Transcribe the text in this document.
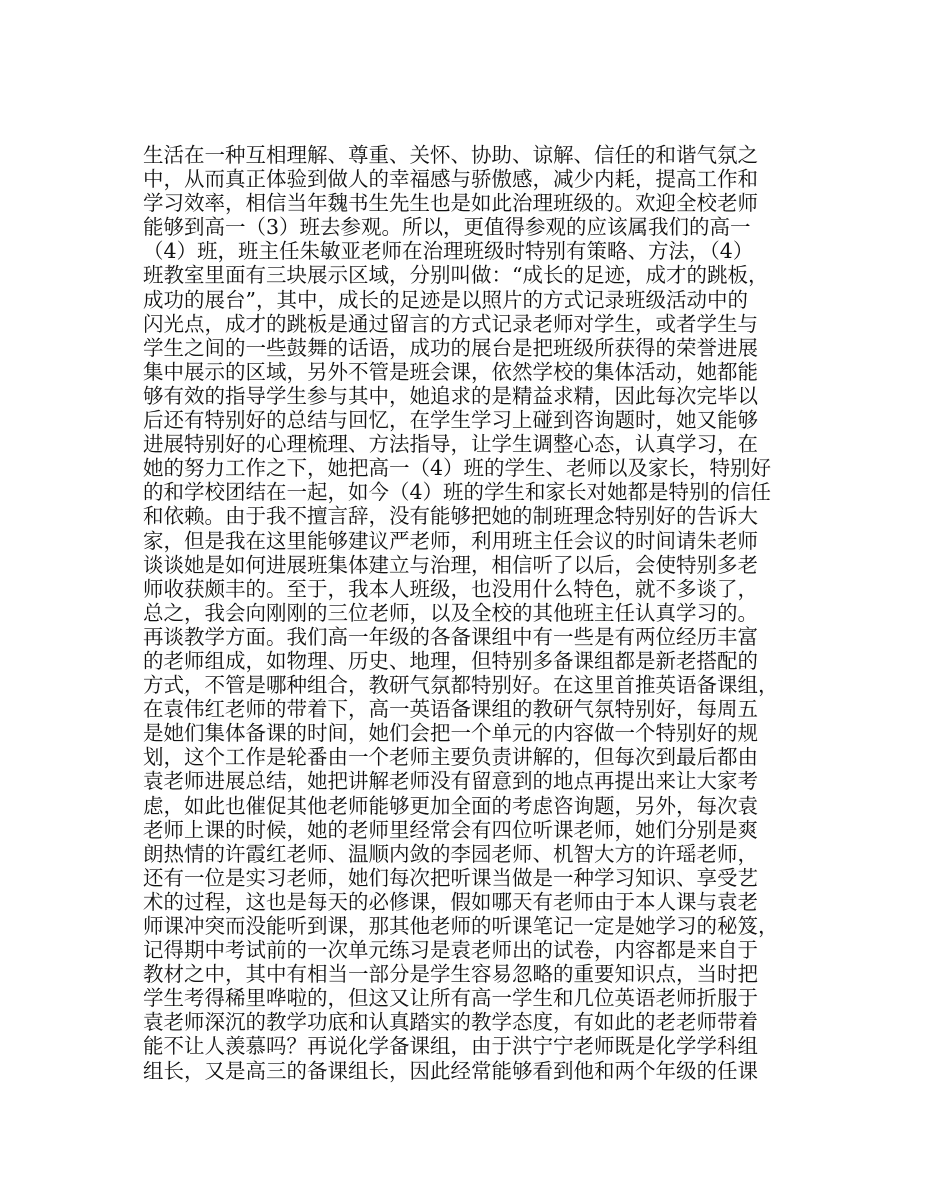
生活在一种互相理解、尊重、关怀、协助、谅解、信任的和谐气氛之
中，从而真正体验到做人的幸福感与骄傲感，减少内耗，提高工作和
学习效率，相信当年魏书生先生也是如此治理班级的。欢迎全校老师
能够到高一（3）班去参观。所以，更值得参观的应该属我们的高一
（4）班，班主任朱敏亚老师在治理班级时特别有策略、方法，（4）
班教室里面有三块展示区域，分别叫做：“成长的足迹，成才的跳板，
成功的展台”，其中，成长的足迹是以照片的方式记录班级活动中的
闪光点，成才的跳板是通过留言的方式记录老师对学生，或者学生与
学生之间的一些鼓舞的话语，成功的展台是把班级所获得的荣誉进展
集中展示的区域，另外不管是班会课，依然学校的集体活动，她都能
够有效的指导学生参与其中，她追求的是精益求精，因此每次完毕以
后还有特别好的总结与回忆，在学生学习上碰到咨询题时，她又能够
进展特别好的心理梳理、方法指导，让学生调整心态，认真学习，在
她的努力工作之下，她把高一（4）班的学生、老师以及家长，特别好
的和学校团结在一起，如今（4）班的学生和家长对她都是特别的信任
和依赖。由于我不擅言辞，没有能够把她的制班理念特别好的告诉大
家，但是我在这里能够建议严老师，利用班主任会议的时间请朱老师
谈谈她是如何进展班集体建立与治理，相信听了以后，会使特别多老
师收获颇丰的。至于，我本人班级，也没用什么特色，就不多谈了，
总之，我会向刚刚的三位老师，以及全校的其他班主任认真学习的。
再谈教学方面。我们高一年级的各备课组中有一些是有两位经历丰富
的老师组成，如物理、历史、地理，但特别多备课组都是新老搭配的
方式，不管是哪种组合，教研气氛都特别好。在这里首推英语备课组，
在袁伟红老师的带着下，高一英语备课组的教研气氛特别好，每周五
是她们集体备课的时间，她们会把一个单元的内容做一个特别好的规
划，这个工作是轮番由一个老师主要负责讲解的，但每次到最后都由
袁老师进展总结，她把讲解老师没有留意到的地点再提出来让大家考
虑，如此也催促其他老师能够更加全面的考虑咨询题，另外，每次袁
老师上课的时候，她的老师里经常会有四位听课老师，她们分别是爽
朗热情的许霞红老师、温顺内敛的李园老师、机智大方的许瑶老师，
还有一位是实习老师，她们每次把听课当做是一种学习知识、享受艺
术的过程，这也是每天的必修课，假如哪天有老师由于本人课与袁老
师课冲突而没能听到课，那其他老师的听课笔记一定是她学习的秘笈，
记得期中考试前的一次单元练习是袁老师出的试卷，内容都是来自于
教材之中，其中有相当一部分是学生容易忽略的重要知识点，当时把
学生考得稀里哗啦的，但这又让所有高一学生和几位英语老师折服于
袁老师深沉的教学功底和认真踏实的教学态度，有如此的老老师带着
能不让人羡慕吗？再说化学备课组，由于洪宁宁老师既是化学学科组
组长，又是高三的备课组长，因此经常能够看到他和两个年级的任课
